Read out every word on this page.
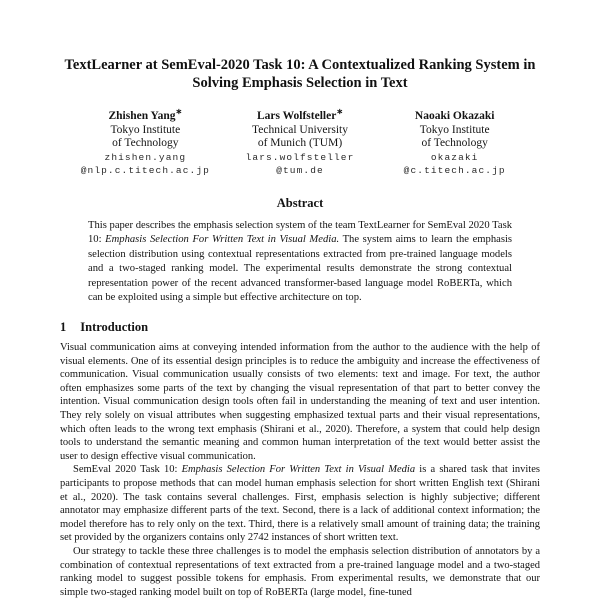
TextLearner at SemEval-2020 Task 10: A Contextualized Ranking System in Solving Emphasis Selection in Text
Zhishen Yang∗
Tokyo Institute
of Technology
zhishen.yang
@nlp.c.titech.ac.jp
Lars Wolfsteller∗
Technical University
of Munich (TUM)
lars.wolfsteller
@tum.de
Naoaki Okazaki
Tokyo Institute
of Technology
okazaki
@c.titech.ac.jp
Abstract

This paper describes the emphasis selection system of the team TextLearner for SemEval 2020 Task 10: Emphasis Selection For Written Text in Visual Media. The system aims to learn the emphasis selection distribution using contextual representations extracted from pre-trained language models and a two-staged ranking model. The experimental results demonstrate the strong contextual representation power of the recent advanced transformer-based language model RoBERTa, which can be exploited using a simple but effective architecture on top.

1 Introduction

Visual communication aims at conveying intended information from the author to the audience with the help of visual elements. One of its essential design principles is to reduce the ambiguity and increase the effectiveness of communication. Visual communication usually consists of two elements: text and image. For text, the author often emphasizes some parts of the text by changing the visual representation of that part to better convey the intention. Visual communication design tools often fail in understanding the meaning of text and user intention. They rely solely on visual attributes when suggesting emphasized textual parts and their visual representations, which often leads to the wrong text emphasis (Shirani et al., 2020). Therefore, a system that could help design tools to understand the semantic meaning and common human interpretation of the text would better assist the user to design effective visual communication.

SemEval 2020 Task 10: Emphasis Selection For Written Text in Visual Media is a shared task that invites participants to propose methods that can model human emphasis selection for short written English text (Shirani et al., 2020). The task contains several challenges. First, emphasis selection is highly subjective; different annotator may emphasize different parts of the text. Second, there is a lack of additional context information; the model therefore has to rely only on the text. Third, there is a relatively small amount of training data; the training set provided by the organizers contains only 2742 instances of short written text.

Our strategy to tackle these three challenges is to model the emphasis selection distribution of annotators by a combination of contextual representations of text extracted from a pre-trained language model and a two-staged ranking model to suggest possible tokens for emphasis. From experimental results, we demonstrate that our simple two-staged ranking model built on top of RoBERTa (large model, fine-tuned
